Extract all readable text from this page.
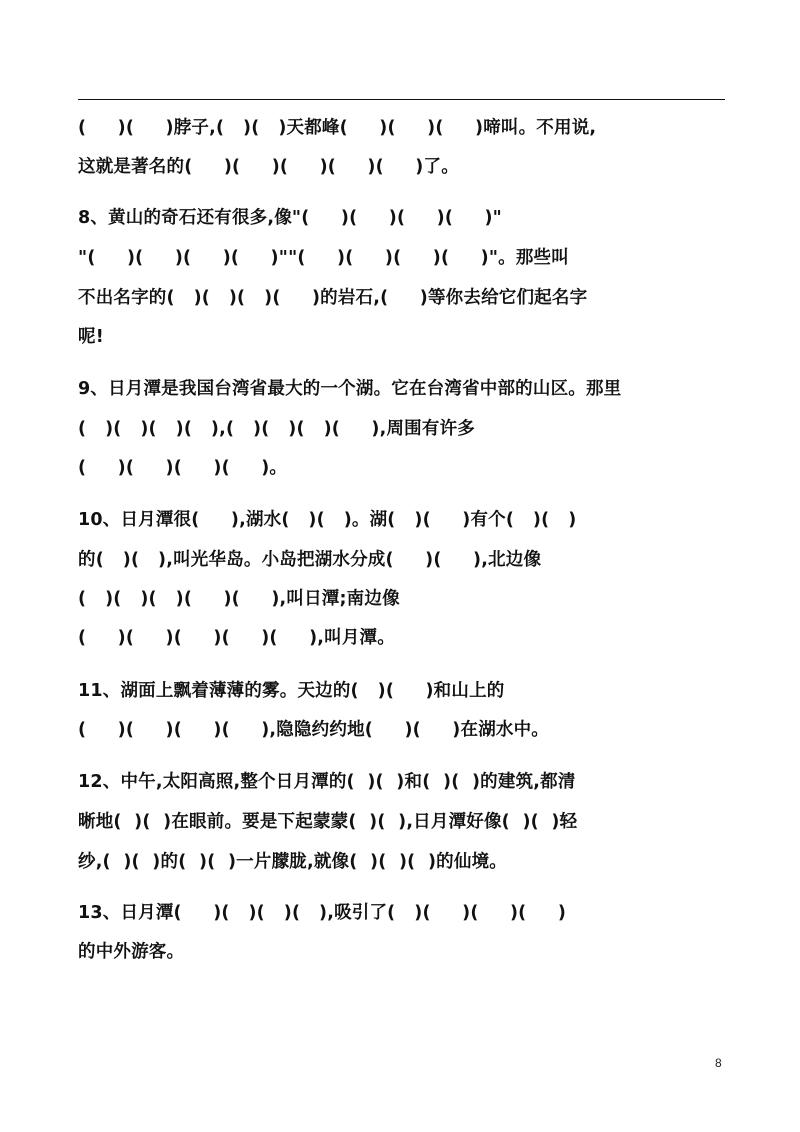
(     )(     )脖子,(   )(   )天都峰(     )(     )(     )啼叫。不用说,
这就是著名的(     )(     )(     )(     )(     )了。
8、黄山的奇石还有很多,像"(     )(     )(     )(     )"
"(     )(     )(     )(     )""(     )(     )(     )(     )"。那些叫
不出名字的(   )(   )(   )(     )的岩石,(     )等你去给它们起名字
呢!
9、日月潭是我国台湾省最大的一个湖。它在台湾省中部的山区。那里
(   )(   )(   )(   ),(   )(   )(   )(     ),周围有许多
(     )(     )(     )(     )。
10、日月潭很(     ),湖水(   )(   )。湖(   )(     )有个(   )(   )
的(   )(   ),叫光华岛。小岛把湖水分成(     )(     ),北边像
(   )(   )(   )(     )(     ),叫日潭;南边像
(     )(     )(     )(     )(     ),叫月潭。
11、湖面上飘着薄薄的雾。天边的(   )(     )和山上的
(     )(     )(     )(     ),隐隐约约地(     )(     )在湖水中。
12、中午,太阳高照,整个日月潭的(  )(  )和(  )(  )的建筑,都清
晰地(  )(  )在眼前。要是下起蒙蒙(  )(  ),日月潭好像(  )(  )轻
纱,(  )(  )的(  )(  )一片朦胧,就像(  )(  )(  )的仙境。
13、日月潭(     )(   )(   )(   ),吸引了(   )(     )(     )(     )
的中外游客。
8
